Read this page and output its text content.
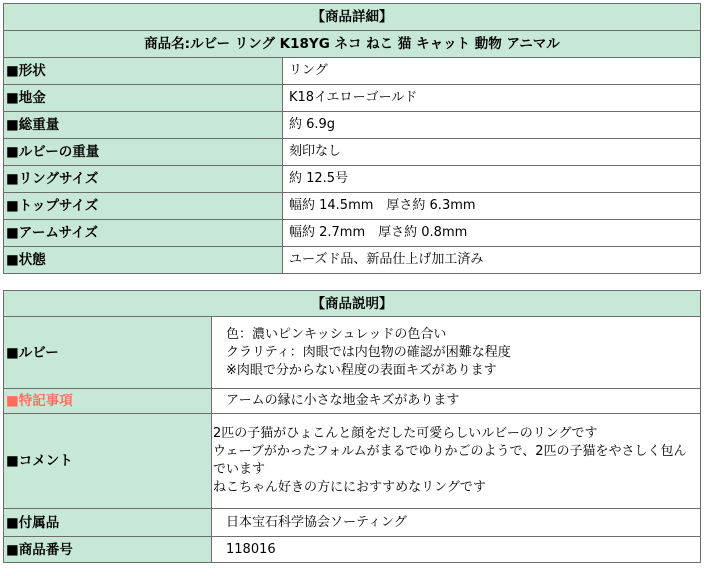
【商品詳細】	
商品名:ルビー リング K18YG ネコ ねこ 猫 キャット 動物 アニマル	
■形状	リング
■地金	K18イエローゴールド
■総重量	約 6.9g
■ルビーの重量	刻印なし
■リングサイズ	約 12.5号
■トップサイズ	幅約 14.5mm　厚さ約 6.3mm
■アームサイズ	幅約 2.7mm　厚さ約 0.8mm
■状態	ユーズド品、新品仕上げ加工済み
【商品説明】	
■ルビー	色：濃いピンキッシュレッドの色合い
クラリティ：肉眼では内包物の確認が困難な程度
※肉眼で分からない程度の表面キズがあります

■特記事項	アームの縁に小さな地金キズがあります
■コメント	2匹の子猫がひょこんと顔をだした可愛らしいルビーのリングです
ウェーブがかったフォルムがまるでゆりかごのようで、2匹の子猫をやさしく包んでいます
ねこちゃん好きの方ににおすすめなリングです

■付属品	日本宝石科学協会ソーティング
■商品番号	118016
